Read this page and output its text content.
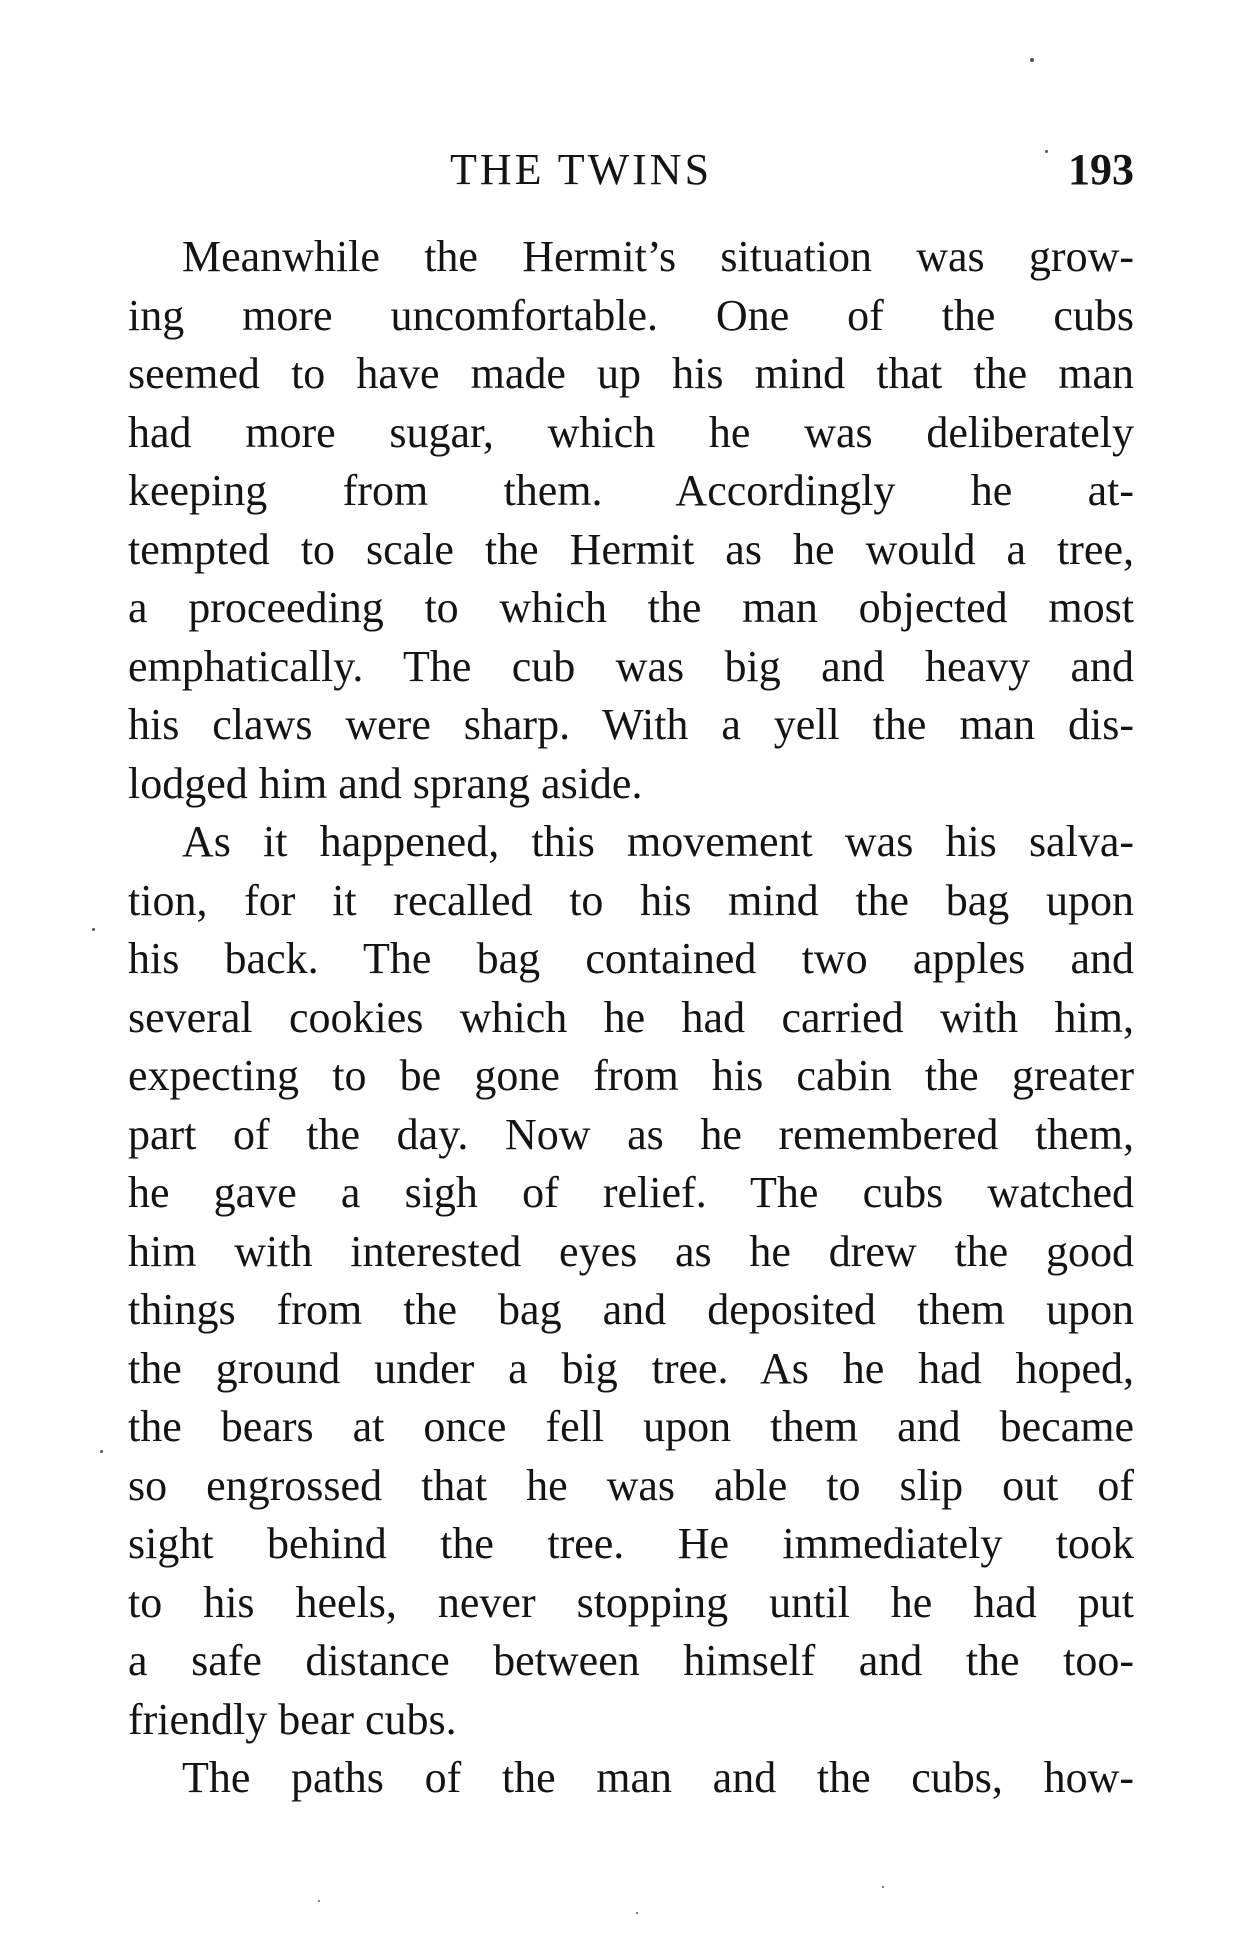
THE TWINS	193
Meanwhile the Hermit’s situation was grow-
ing more uncomfortable. One of the cubs
seemed to have made up his mind that the man
had more sugar, which he was deliberately
keeping from them. Accordingly he at-
tempted to scale the Hermit as he would a tree,
a proceeding to which the man objected most
emphatically. The cub was big and heavy and
his claws were sharp. With a yell the man dis-
lodged him and sprang aside.
As it happened, this movement was his salva-
tion, for it recalled to his mind the bag upon
his back. The bag contained two apples and
several cookies which he had carried with him,
expecting to be gone from his cabin the greater
part of the day. Now as he remembered them,
he gave a sigh of relief. The cubs watched
him with interested eyes as he drew the good
things from the bag and deposited them upon
the ground under a big tree. As he had hoped,
the bears at once fell upon them and became
so engrossed that he was able to slip out of
sight behind the tree. He immediately took
to his heels, never stopping until he had put
a safe distance between himself and the too-
friendly bear cubs.
The paths of the man and the cubs, how-
